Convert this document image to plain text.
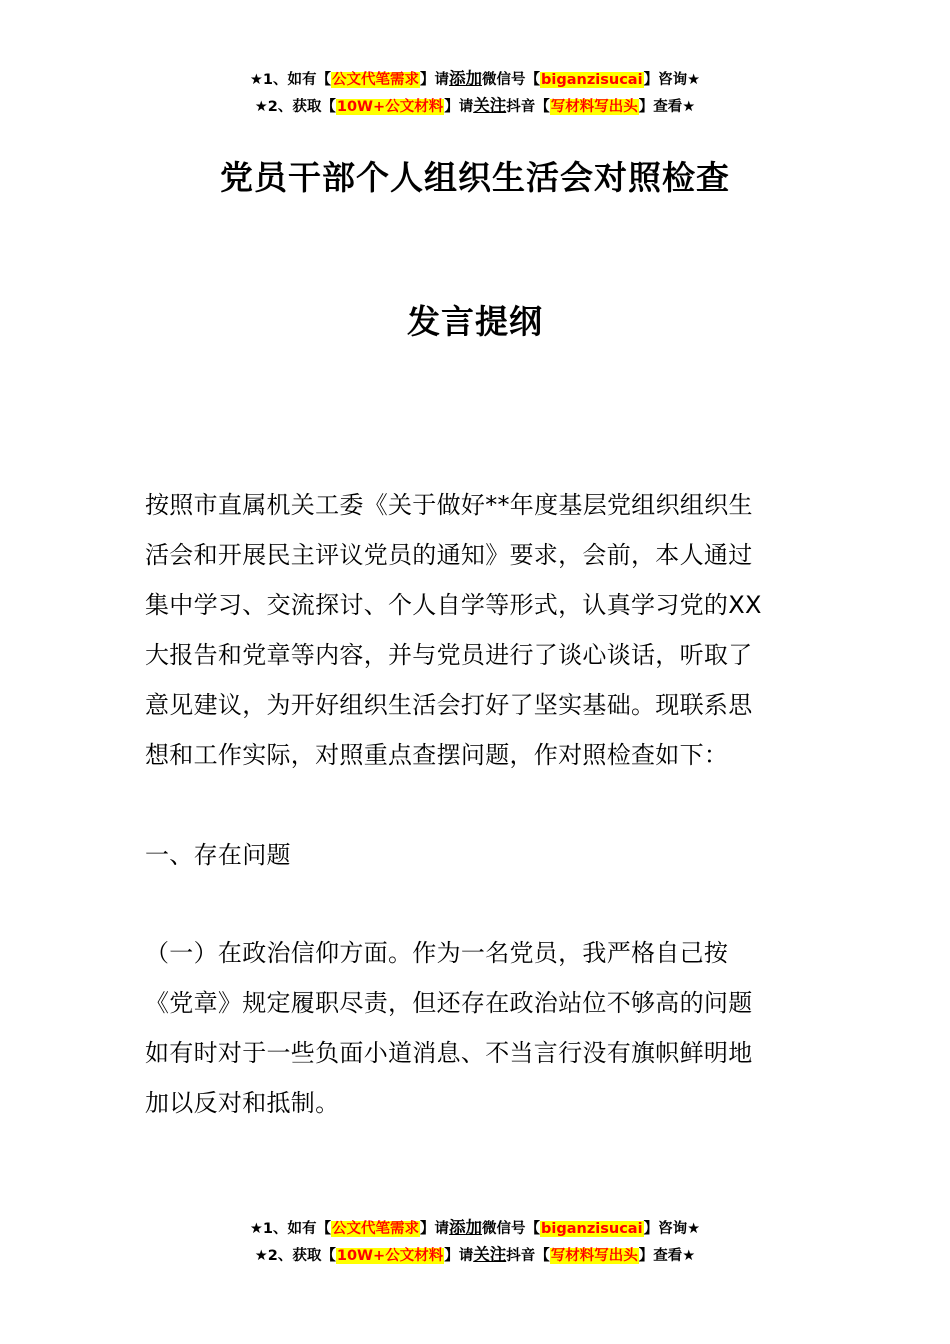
★1、如有【公文代笔需求】请添加微信号【biganzisucai】咨询★
★2、获取【10W+公文材料】请关注抖音【写材料写出头】查看★
党员干部个人组织生活会对照检查
发言提纲
按照市直属机关工委《关于做好**年度基层党组织组织生
活会和开展民主评议党员的通知》要求，会前，本人通过
集中学习、交流探讨、个人自学等形式，认真学习党的XX
大报告和党章等内容，并与党员进行了谈心谈话，听取了
意见建议，为开好组织生活会打好了坚实基础。现联系思
想和工作实际，对照重点查摆问题，作对照检查如下：
一、存在问题
（一）在政治信仰方面。作为一名党员，我严格自己按
《党章》规定履职尽责，但还存在政治站位不够高的问题
如有时对于一些负面小道消息、不当言行没有旗帜鲜明地
加以反对和抵制。
★1、如有【公文代笔需求】请添加微信号【biganzisucai】咨询★
★2、获取【10W+公文材料】请关注抖音【写材料写出头】查看★
